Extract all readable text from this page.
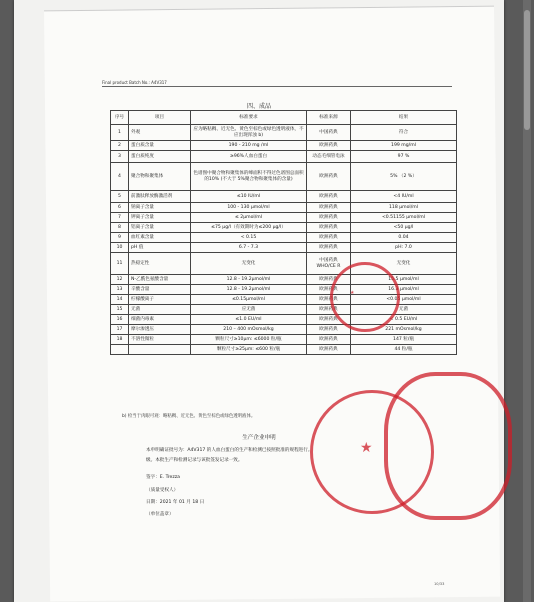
Final product Batch No.: A4V317
四、成品
序号	项目	标准要求	标准来源	结果
1	外观	应为略粘稠、近无色、黄色至棕色或绿色透明液体，不应出现浑浊 b)	中国药典	符合
2	蛋白质含量	190 - 210 mg /ml	欧洲药典	199 mg/ml
3	蛋白质纯度	≥96%人血白蛋白	动态毛细管电泳	97 %
4	聚合物和聚集体	色谱图中聚合物和聚集体的峰面积不得过色谱图总面积的10% (不大于 5%聚合物和聚集体的含量)	欧洲药典	5% （2 %）
5	前激肽释放酶激活剂	≤10 IU/ml	欧洲药典	<4 IU/ml
6	钠离子含量	100 - 130 μmol/ml	欧洲药典	118 μmol/ml
7	钾离子含量	≤ 2μmol/ml	欧洲药典	<0.51155 μmol/ml
8	铝离子含量	≤75 μg/l（有效期时为≤200 μg/l）	欧洲药典	<50 μg/l
9	血红素含量	< 0.15	欧洲药典	0.04
10	pH 值	6.7 - 7.3	欧洲药典	pH: 7.0
11	热稳定性	无变化	中国药典 WHO/CE R	无变化
12	N-乙酰色氨酸含量	12.8 - 19.2μmol/ml	欧洲药典	15.5 μmol/ml
13	辛酸含量	12.8 - 19.2μmol/ml	欧洲药典	16.3 μmol/ml
14	柠檬酸离子	≤0.15μmol/ml	欧洲药典	<0.05 μmol/ml
15	无菌	应无菌	欧洲药典	无菌
16	细菌内毒素	≤1.0 EU/ml	欧洲药典	< 0.5 EU/ml
17	摩尔渗透压	210 – 400 mOsmol/kg	欧洲药典	221 mOsmol/kg
18	不溶性微粒	颗粒尺寸≥10μm: ≤6000 粒/瓶	欧洲药典	147 粒/瓶
		颗粒尺寸≥25μm: ≤600 粒/瓶	欧洲药典	44 粒/瓶
b) 检当于肉眼可观：略粘稠、近无色、黄色至棕色或绿色透明液体。
生产企业申明
本申明确证批号为：A4V317 的人血白蛋白的生产和检测已按照批准的规程进行。
级。本批生产和检测记录与该批签发记录一致。
签字：E. Trezza
（质量受权人）
日期：2021 年 01 月 18 日
（单位盖章）
★
★
10/33
